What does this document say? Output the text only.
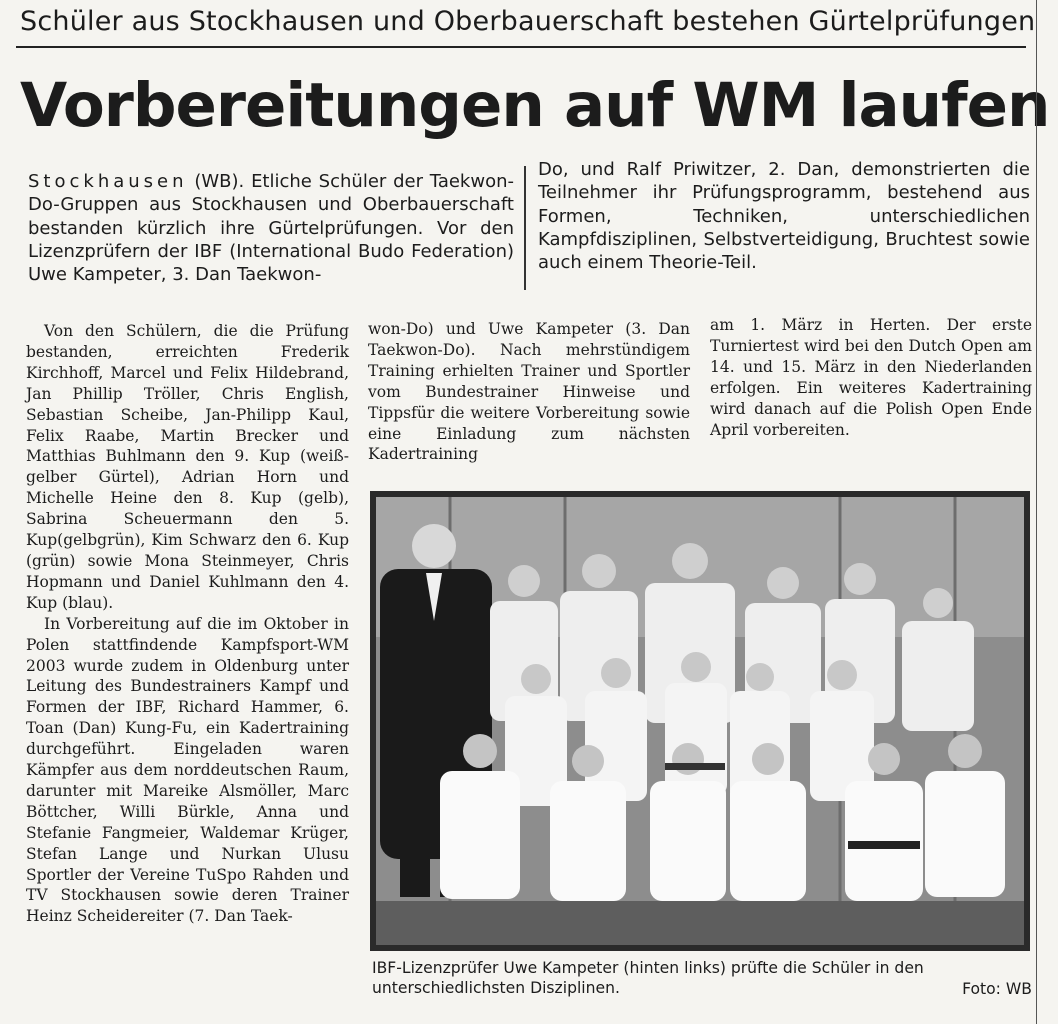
Schüler aus Stockhausen und Oberbauerschaft bestehen Gürtelprüfungen
Vorbereitungen auf WM laufen

Stockhausen (WB). Etliche Schüler der Taekwon-Do-Gruppen aus Stockhausen und Oberbauerschaft bestanden kürzlich ihre Gürtelprüfungen. Vor den Lizenzprüfern der IBF (International Budo Federation) Uwe Kampeter, 3. Dan Taekwon-

Do, und Ralf Priwitzer, 2. Dan, demonstrierten die Teilnehmer ihr Prüfungsprogramm, bestehend aus Formen, Techniken, unterschiedlichen Kampfdisziplinen, Selbstverteidigung, Bruchtest sowie auch einem Theorie-Teil.

Von den Schülern, die die Prüfung bestanden, erreichten Frederik Kirchhoff, Marcel und Felix Hildebrand, Jan Phillip Tröller, Chris English, Sebastian Scheibe, Jan-Philipp Kaul, Felix Raabe, Martin Brecker und Matthias Buhlmann den 9. Kup (weiß-gelber Gürtel), Adrian Horn und Michelle Heine den 8. Kup (gelb), Sabrina Scheuermann den 5. Kup(gelbgrün), Kim Schwarz den 6. Kup (grün) sowie Mona Steinmeyer, Chris Hopmann und Daniel Kuhlmann den 4. Kup (blau).

In Vorbereitung auf die im Oktober in Polen stattfindende Kampfsport-WM 2003 wurde zudem in Oldenburg unter Leitung des Bundestrainers Kampf und Formen der IBF, Richard Hammer, 6. Toan (Dan) Kung-Fu, ein Kadertraining durchgeführt. Eingeladen waren Kämpfer aus dem norddeutschen Raum, darunter mit Mareike Alsmöller, Marc Böttcher, Willi Bürkle, Anna und Stefanie Fangmeier, Waldemar Krüger, Stefan Lange und Nurkan Ulusu Sportler der Vereine TuSpo Rahden und TV Stockhausen sowie deren Trainer Heinz Scheidereiter (7. Dan Taek-

won-Do) und Uwe Kampeter (3. Dan Taekwon-Do). Nach mehrstündigem Training erhielten Trainer und Sportler vom Bundestrainer Hinweise und Tippsfür die weitere Vorbereitung sowie eine Einladung zum nächsten Kadertraining

am 1. März in Herten. Der erste Turniertest wird bei den Dutch Open am 14. und 15. März in den Niederlanden erfolgen. Ein weiteres Kadertraining wird danach auf die Polish Open Ende April vorbereiten.

IBF-Lizenzprüfer Uwe Kampeter (hinten links) prüfte die Schüler in den unterschiedlichsten Disziplinen.	Foto: WB
